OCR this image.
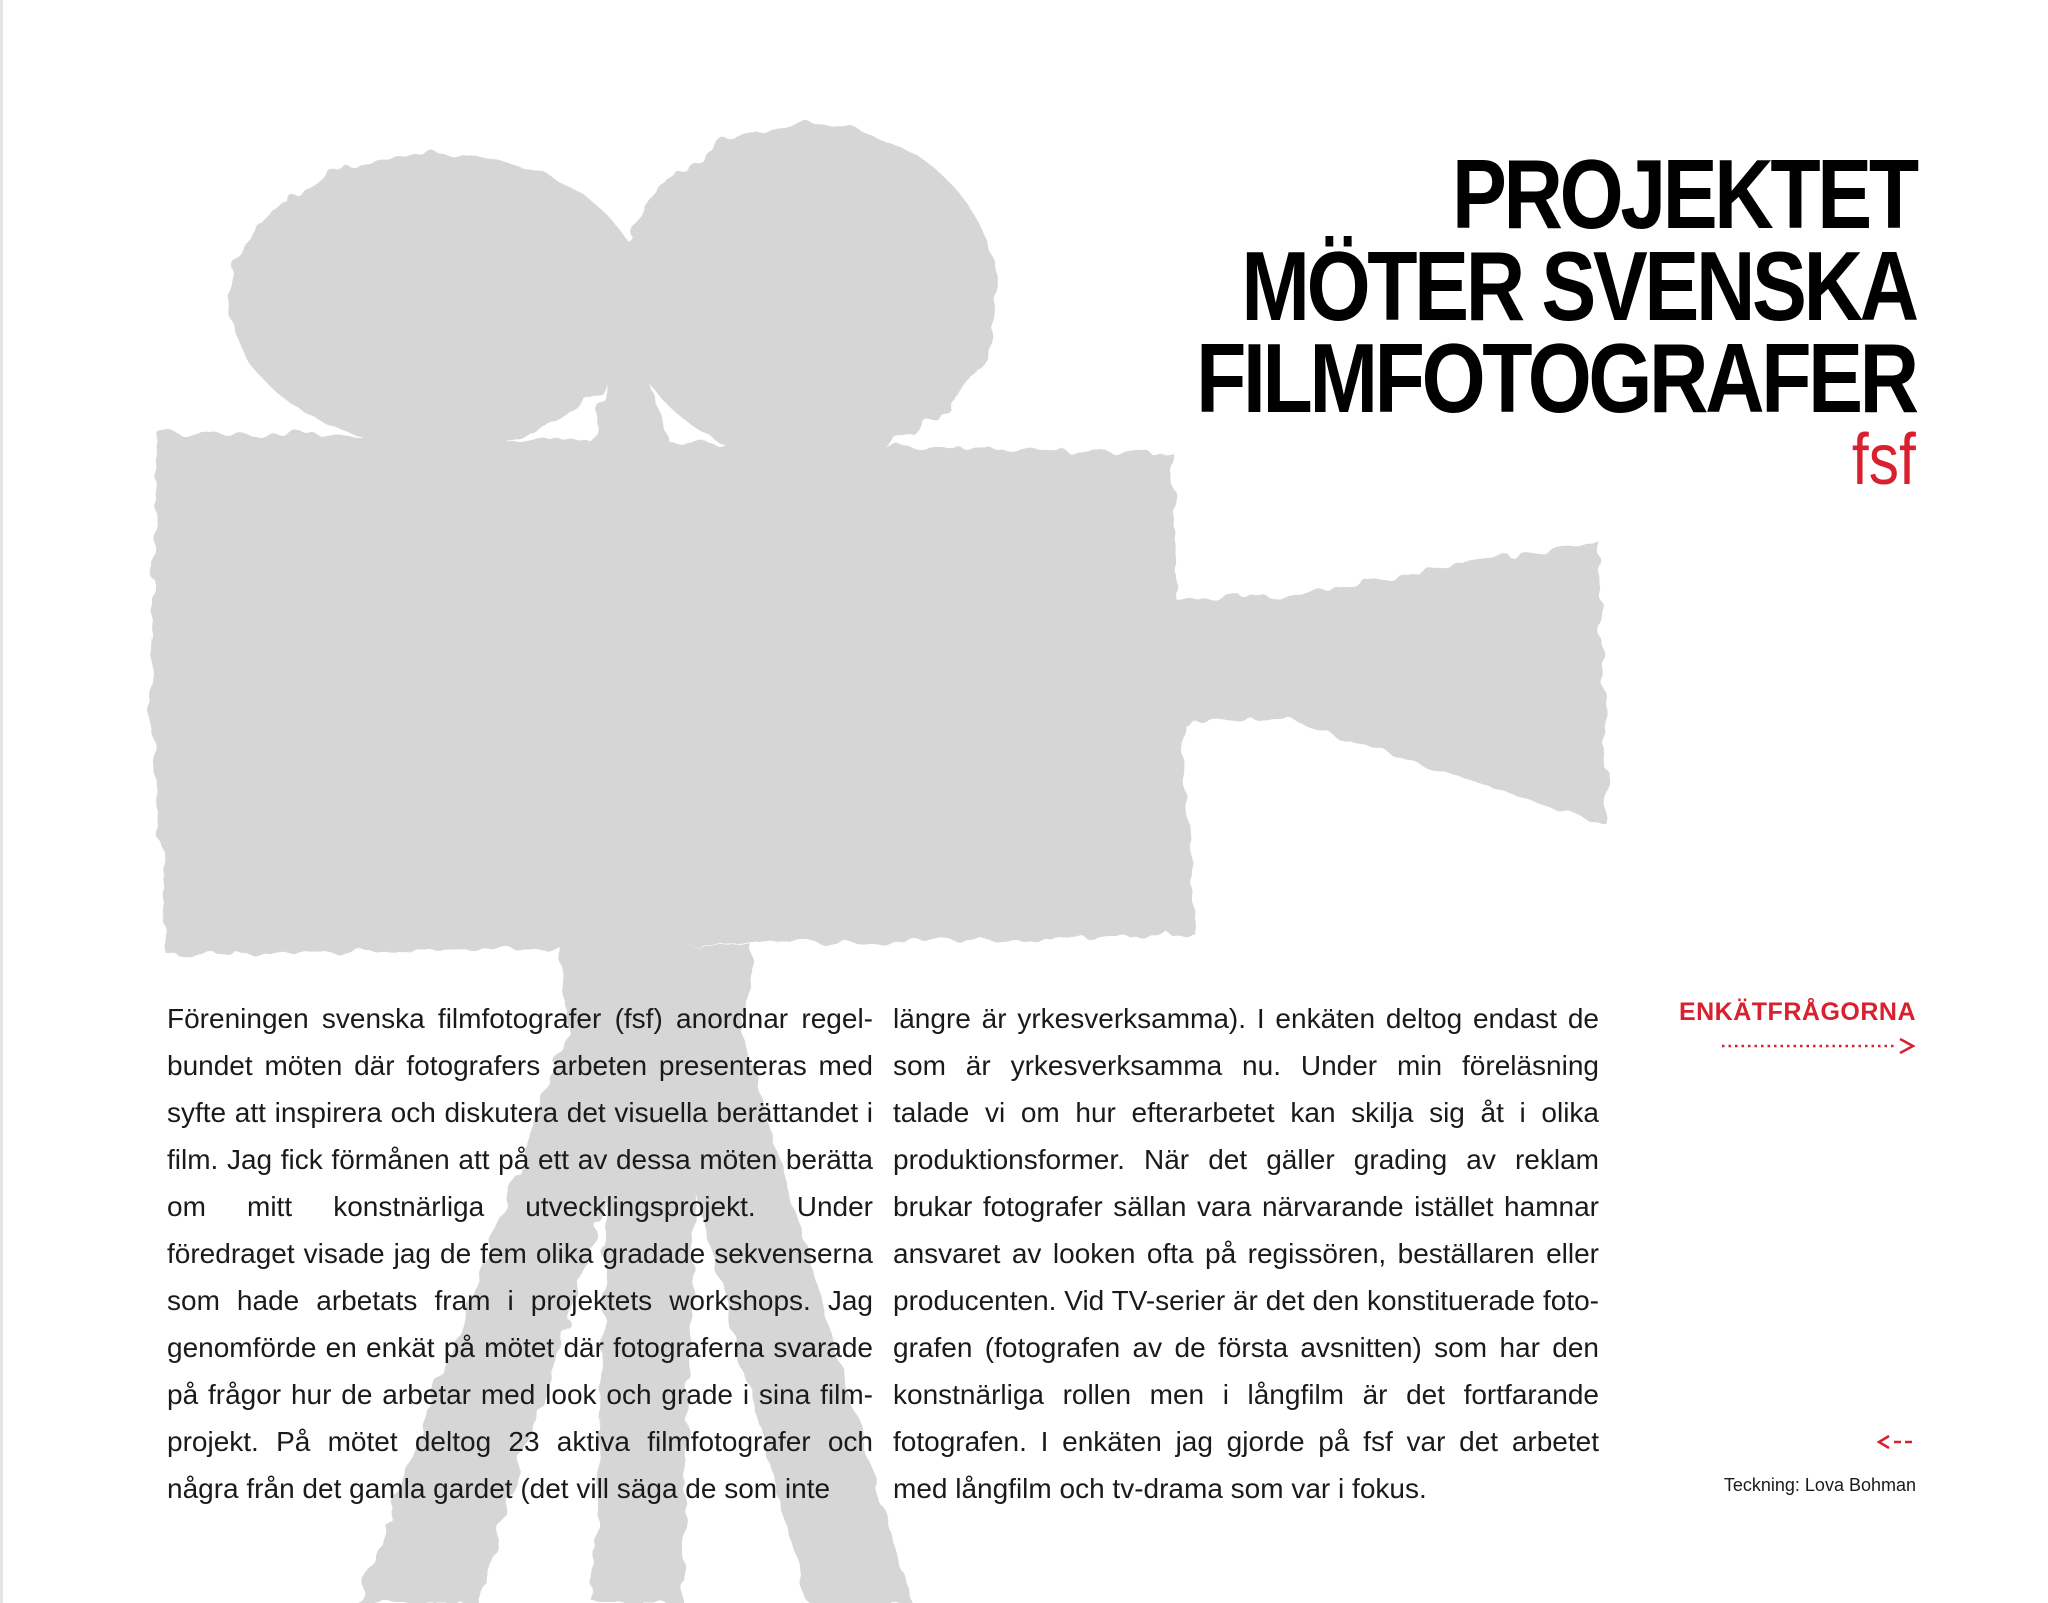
PROJEKTET
MÖTER SVENSKA
FILMFOTOGRAFER

fsf

Föreningen svenska filmfotografer (fsf) anordnar regelbundet möten där fotografers arbeten presenteras med syfte att inspirera och diskutera det visuella berättandet i film. Jag fick förmånen att på ett av dessa möten berätta om mitt konstnärliga utvecklingsprojekt. Under föredraget visade jag de fem olika gradade sekvenserna som hade arbetats fram i projektets workshops. Jag genomförde en enkät på mötet där fotograferna svarade på frågor hur de arbetar med look och grade i sina filmprojekt. På mötet deltog 23 aktiva filmfotografer och några från det gamla gardet (det vill säga de som inte

längre är yrkesverksamma). I enkäten deltog endast de som är yrkesverksamma nu. Under min föreläsning talade vi om hur efterarbetet kan skilja sig åt i olika produktionsformer. När det gäller grading av reklam brukar fotografer sällan vara närvarande istället hamnar ansvaret av looken ofta på regissören, beställaren eller producenten. Vid TV-serier är det den konstituerade fotografen (fotografen av de första avsnitten) som har den konstnärliga rollen men i långfilm är det fortfarande fotografen. I enkäten jag gjorde på fsf var det arbetet med långfilm och tv-drama som var i fokus.

ENKÄTFRÅGORNA
Teckning: Lova Bohman
